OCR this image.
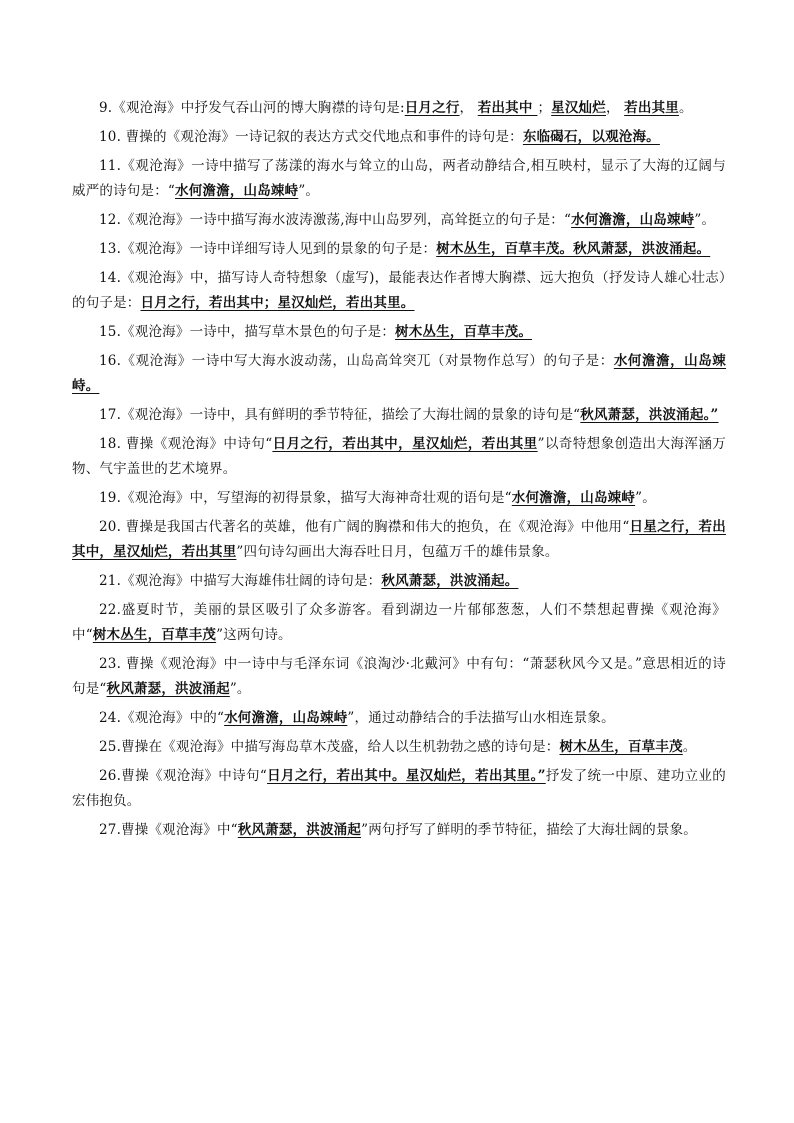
9.《观沧海》中抒发气吞山河的博大胸襟的诗句是:日月之行， 若出其中 ；星汉灿烂， 若出其里。

10. 曹操的《观沧海》一诗记叙的表达方式交代地点和事件的诗句是：东临碣石，以观沧海。

11.《观沧海》一诗中描写了荡漾的海水与耸立的山岛，两者动静结合,相互映村，显示了大海的辽阔与威严的诗句是：“水何澹澹，山岛竦峙”。

12.《观沧海》一诗中描写海水波涛激荡,海中山岛罗列，高耸挺立的句子是：“水何澹澹，山岛竦峙”。

13.《观沧海》一诗中详细写诗人见到的景象的句子是：树木丛生，百草丰茂。秋风萧瑟，洪波涌起。

14.《观沧海》中，描写诗人奇特想象（虚写)，最能表达作者博大胸襟、远大抱负（抒发诗人雄心壮志）的句子是：日月之行，若出其中；星汉灿烂，若出其里。

15.《观沧海》一诗中，描写草木景色的句子是：树木丛生，百草丰茂。

16.《观沧海》一诗中写大海水波动荡，山岛高耸突兀（对景物作总写）的句子是：水何澹澹，山岛竦峙。

17.《观沧海》一诗中，具有鲜明的季节特征，描绘了大海壮阔的景象的诗句是“秋风萧瑟，洪波涌起。”

18. 曹操《观沧海》中诗句“日月之行，若出其中，星汉灿烂，若出其里”以奇特想象创造出大海浑涵万物、气宇盖世的艺术境界。

19.《观沧海》中，写望海的初得景象，描写大海神奇壮观的语句是“水何澹澹，山岛竦峙”。

20. 曹操是我国古代著名的英雄，他有广阔的胸襟和伟大的抱负，在《观沧海》中他用“日星之行，若出其中，星汉灿烂，若出其里”四句诗勾画出大海吞吐日月，包蕴万千的雄伟景象。

21.《观沧海》中描写大海雄伟壮阔的诗句是：秋风萧瑟，洪波涌起。

22.盛夏时节，美丽的景区吸引了众多游客。看到湖边一片郁郁葱葱，人们不禁想起曹操《观沧海》中“树木丛生，百草丰茂”这两句诗。

23. 曹操《观沧海》中一诗中与毛泽东词《浪淘沙·北戴河》中有句：“萧瑟秋风今又是。”意思相近的诗句是“秋风萧瑟，洪波涌起”。

24.《观沧海》中的“水何澹澹，山岛竦峙”，通过动静结合的手法描写山水相连景象。

25.曹操在《观沧海》中描写海岛草木茂盛，给人以生机勃勃之感的诗句是：树木丛生，百草丰茂。

26.曹操《观沧海》中诗句“日月之行，若出其中。星汉灿烂，若出其里。”抒发了统一中原、建功立业的宏伟抱负。

27.曹操《观沧海》中“秋风萧瑟，洪波涌起”两句抒写了鲜明的季节特征，描绘了大海壮阔的景象。
